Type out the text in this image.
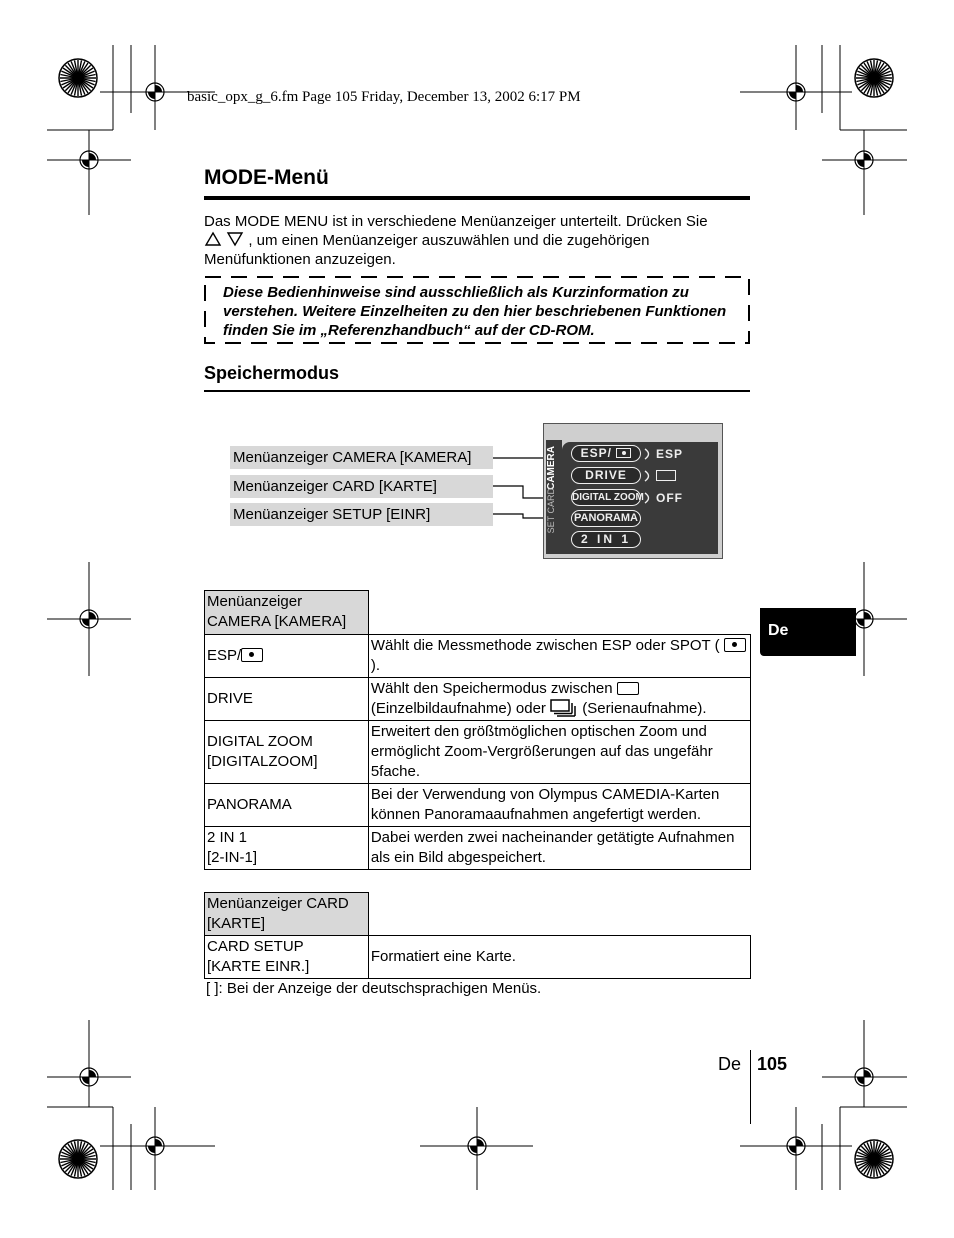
basic_opx_g_6.fm Page 105 Friday, December 13, 2002 6:17 PM
MODE-Menü
Das MODE MENU ist in verschiedene Menüanzeiger unterteilt. Drücken Sie
, um einen Menüanzeiger auszuwählen und die zugehörigen Menüfunktionen anzuzeigen.
Diese Bedienhinweise sind ausschließlich als Kurzinformation zu verstehen. Weitere Einzelheiten zu den hier beschriebenen Funktionen finden Sie im „Referenzhandbuch“ auf der CD-ROM.
Speichermodus
Menüanzeiger CAMERA [KAMERA]
Menüanzeiger CARD [KARTE]
Menüanzeiger SETUP [EINR]
CAMERA
SET CARD
ESP/
DRIVE
DIGITAL ZOOM
PANORAMA
2 IN 1
ESP
OFF
Menüanzeiger CAMERA [KAMERA]	
ESP/	Wählt die Messmethode zwischen ESP oder SPOT (  ).
DRIVE	Wählt den Speichermodus zwischen
(Einzelbildaufnahme) oder (Serienaufnahme).
DIGITAL ZOOM [DIGITALZOOM]	Erweitert den größtmöglichen optischen Zoom und ermöglicht Zoom-Vergrößerungen auf das ungefähr 5fache.
PANORAMA	Bei der Verwendung von Olympus CAMEDIA-Karten können Panoramaaufnahmen angefertigt werden.
2 IN 1
[2-IN-1]	Dabei werden zwei nacheinander getätigte Aufnahmen als ein Bild abgespeichert.
Menüanzeiger CARD [KARTE]	
CARD SETUP
[KARTE EINR.]	Formatiert eine Karte.
[ ]: Bei der Anzeige der deutschsprachigen Menüs.
De
De 105
